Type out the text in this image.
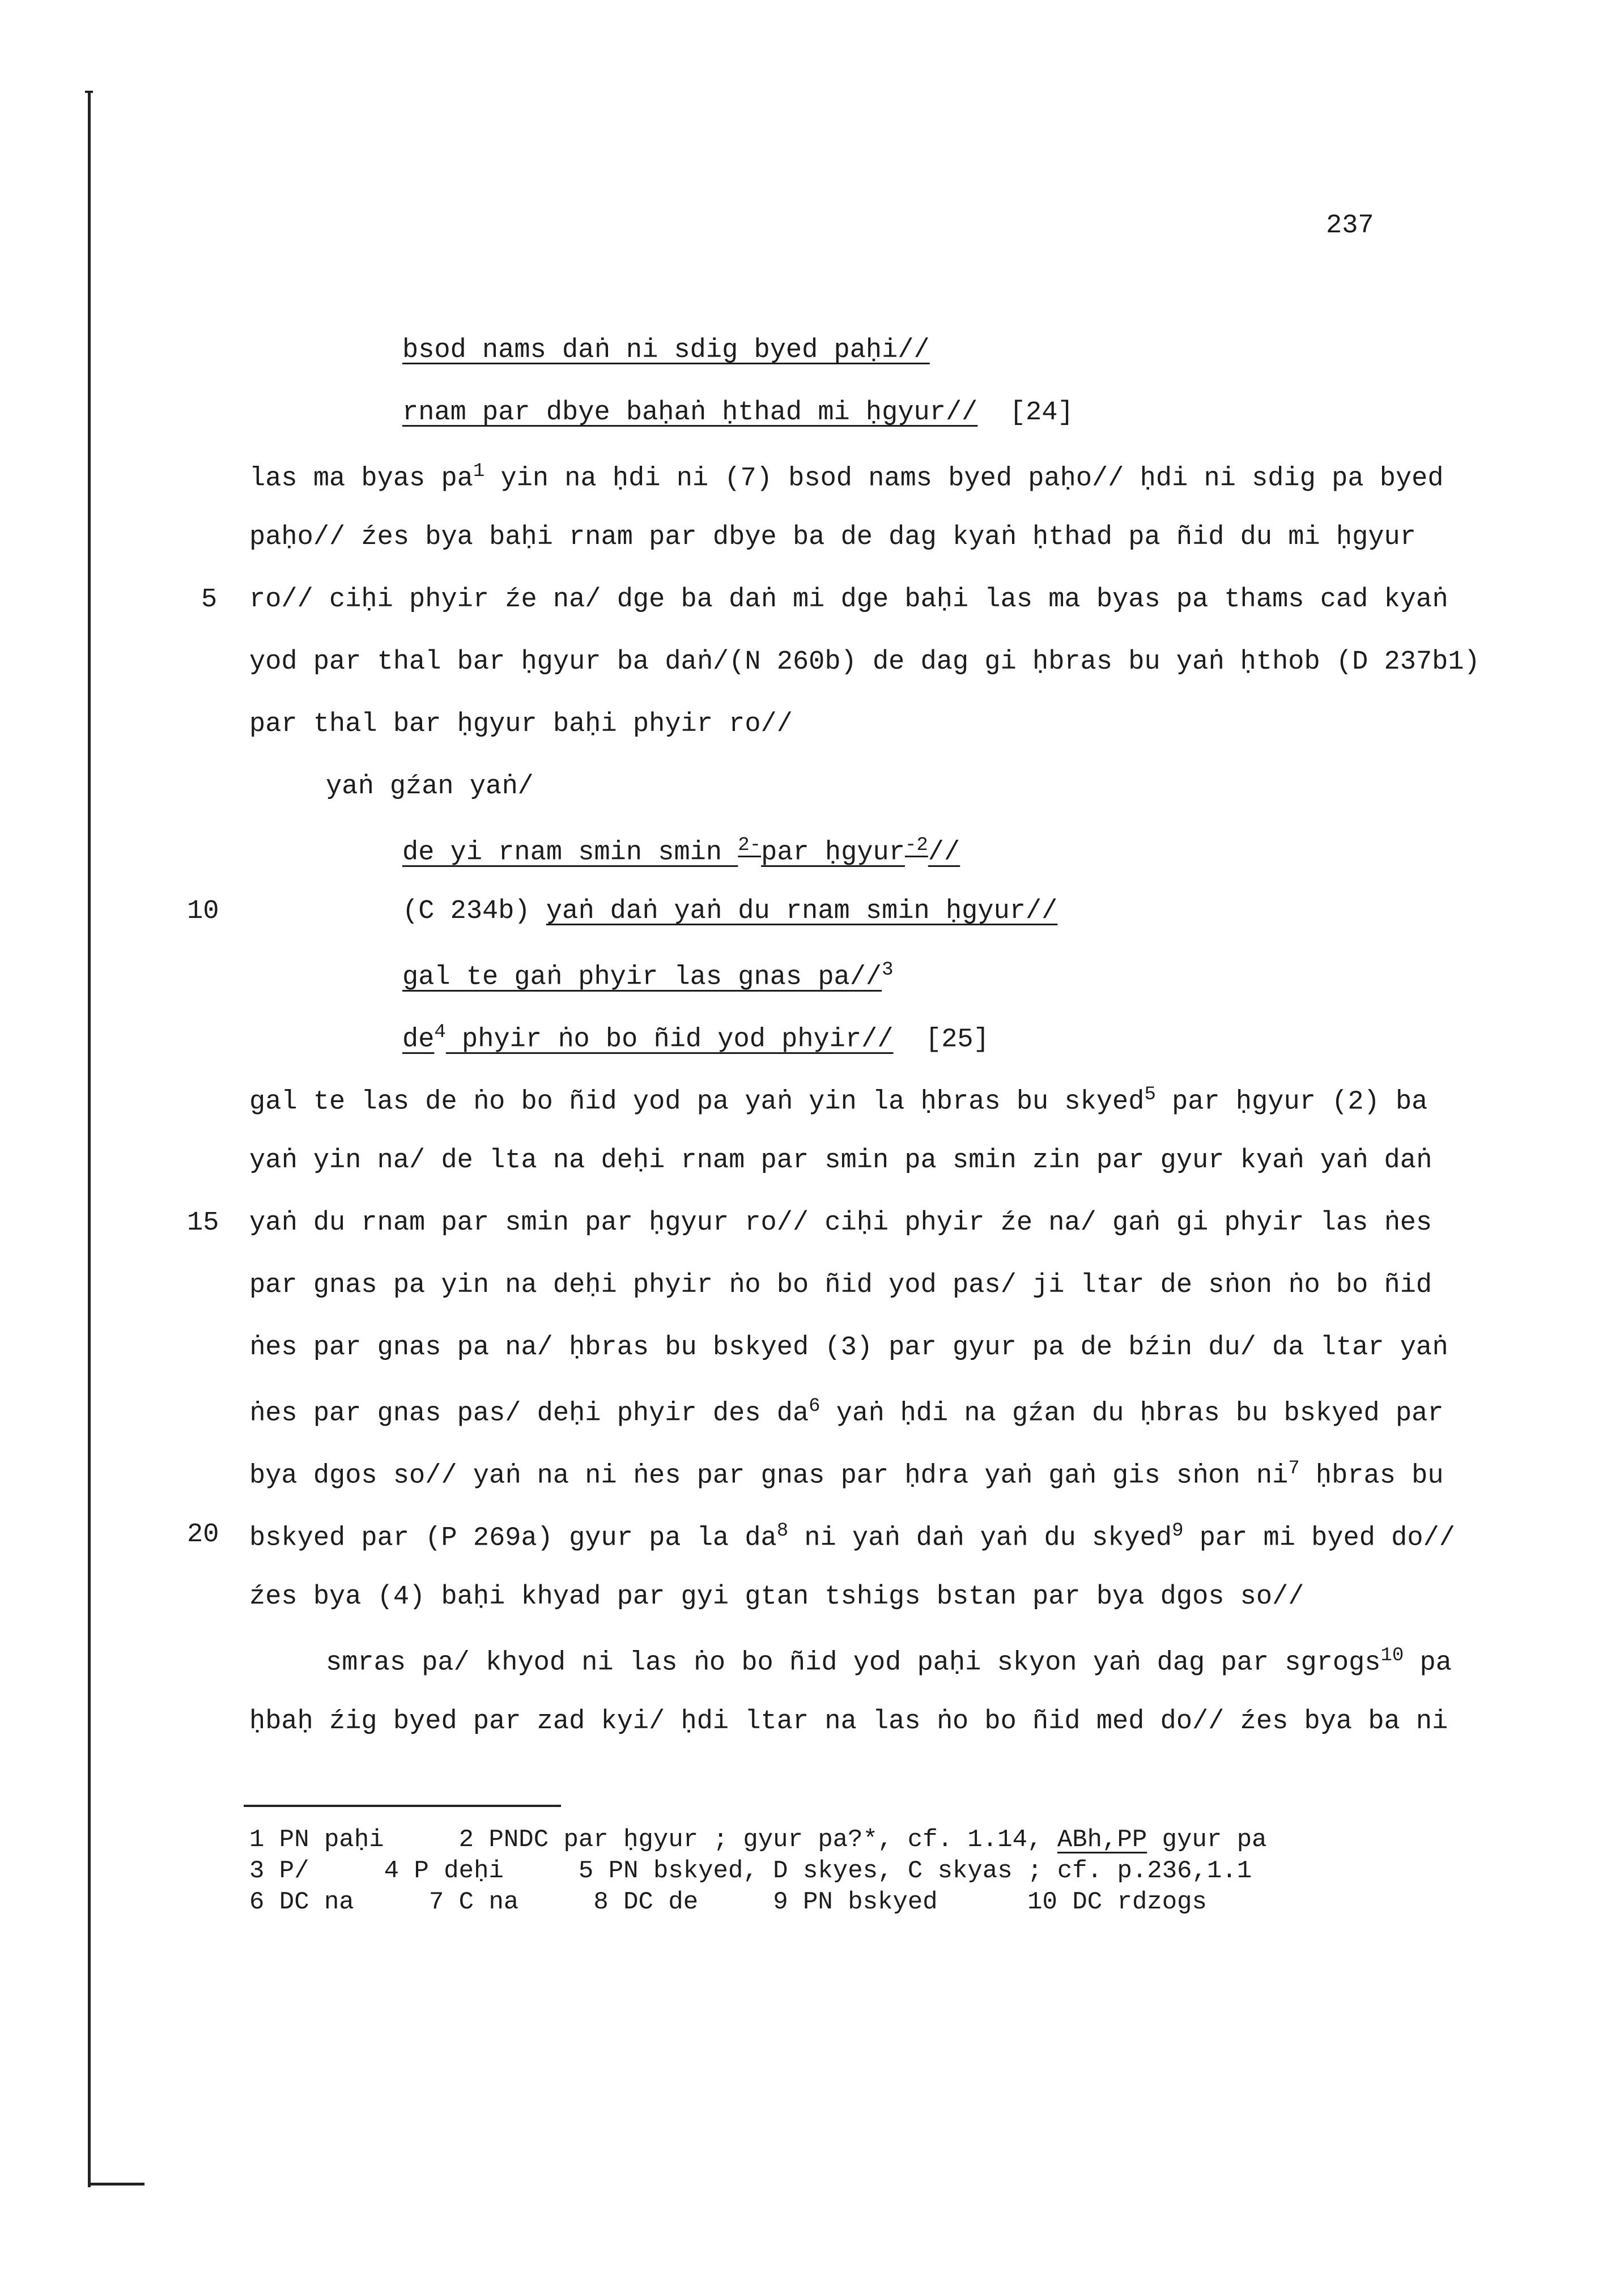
237
bsod nams daṅ ni sdig byed paḥi//
rnam par dbye baḥaṅ ḥthad mi ḥgyur// [24]
las ma byas $pa^1$ yin na ḥdi ni (7) bsod nams byed paḥo// ḥdi ni sdig pa byed
paḥo// źes bya baḥi rnam par dbye ba de dag kyaṅ ḥthad pa ñid du mi ḥgyur
ro// ciḥi phyir źe na/ dge ba daṅ mi dge baḥi las ma byas pa thams cad kyaṅ
yod par thal bar ḥgyur ba daṅ/(N 260b) de dag gi ḥbras bu yaṅ ḥthob (D 237b1)
par thal bar ḥgyur baḥi phyir ro//
yaṅ gźan yaṅ/
de yi rnam smin smin $^{2-}$par ḥgyur$^{-2}$//
(C 234b) yaṅ daṅ yaṅ du rnam smin ḥgyur//
gal te gaṅ phyir las gnas pa//$^3$
$de^4$ phyir ṅo bo ñid yod phyir// [25]
gal te las de ṅo bo ñid yod pa yaṅ yin la ḥbras bu skyed$^5$ par ḥgyur (2) ba
yaṅ yin na/ de lta na deḥi rnam par smin pa smin zin par gyur kyaṅ yaṅ daṅ
yaṅ du rnam par smin par ḥgyur ro// ciḥi phyir źe na/ gaṅ gi phyir las ṅes
par gnas pa yin na deḥi phyir ṅo bo ñid yod pas/ ji ltar de sṅon ṅo bo ñid
ṅes par gnas pa na/ ḥbras bu bskyed (3) par gyur pa de bźin du/ da ltar yaṅ
ṅes par gnas pas/ deḥi phyir des $da^6$ yaṅ ḥdi na gźan du ḥbras bu bskyed par
bya dgos so// yaṅ na ni ṅes par gnas par ḥdra yaṅ gaṅ gis sṅon $ni^7$ ḥbras bu
bskyed par (P 269a) gyur pa la $da^8$ ni yaṅ daṅ yaṅ du skyed$^9$ par mi byed do//
źes bya (4) baḥi khyad par gyi gtan tshigs bstan par bya dgos so//
smras pa/ khyod ni las ṅo bo ñid yod paḥi skyon yaṅ dag par sgrogs$^{10}$ pa
ḥbaḥ źig byed par zad kyi/ ḥdi ltar na las ṅo bo ñid med do// źes bya ba ni
5
10
15
20
1 PN paḥi	2 PNDC par ḥgyur ; gyur pa?*, cf. 1.14, ABh,PP gyur pa
3 P/	4 P deḥi	5 PN bskyed, D skyes, C skyas ; cf. p.236,1.1
6 DC na	7 C na	8 DC de	9 PN bskyed	10 DC rdzogs
